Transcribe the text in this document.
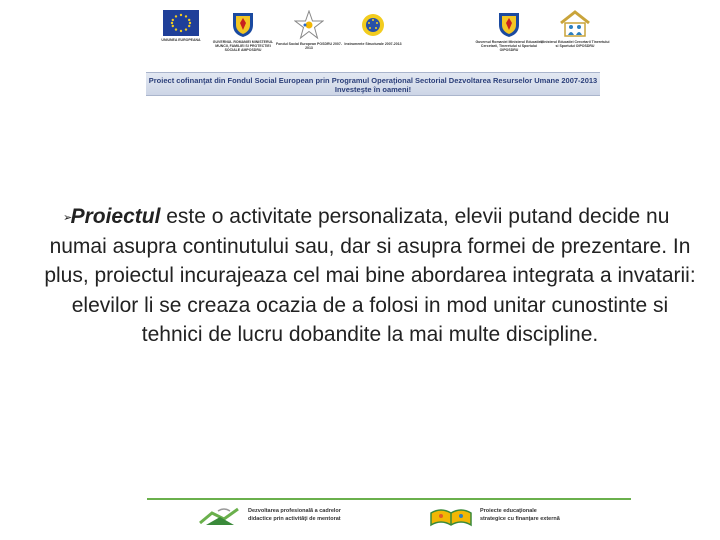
UNIUNEA EUROPEANA	GUVERNUL ROMANIEI MINISTERUL MUNCII, FAMILIEI SI PROTECTIEI SOCIALE AMPOSDRU
Fondul Social European POSDRU 2007-2013
Instrumente Structurale 2007-2013	Guvernul Romaniei Ministerul Educatiei, Cercetarii, Tineretului si Sportului OIPOSDRU
Ministerul Educatiei Cercetarii Tineretului si Sportului OIPOSDRU
Proiect cofinanţat din Fondul Social European prin Programul Operaţional Sectorial Dezvoltarea Resurselor Umane 2007-2013
Investeşte în oameni!
➢

Proiectul este o activitate personalizata, elevii putand decide nu numai asupra continutului sau, dar si asupra formei de prezentare. In plus, proiectul incurajeaza cel mai bine abordarea integrata a invatarii: elevilor li se creaza ocazia de a folosi in mod unitar cunostinte si tehnici de lucru dobandite la mai multe discipline.

Dezvoltarea profesională a cadrelor
didactice prin activităţi de mentorat
Proiecte educaţionale
strategice cu finanţare externă
